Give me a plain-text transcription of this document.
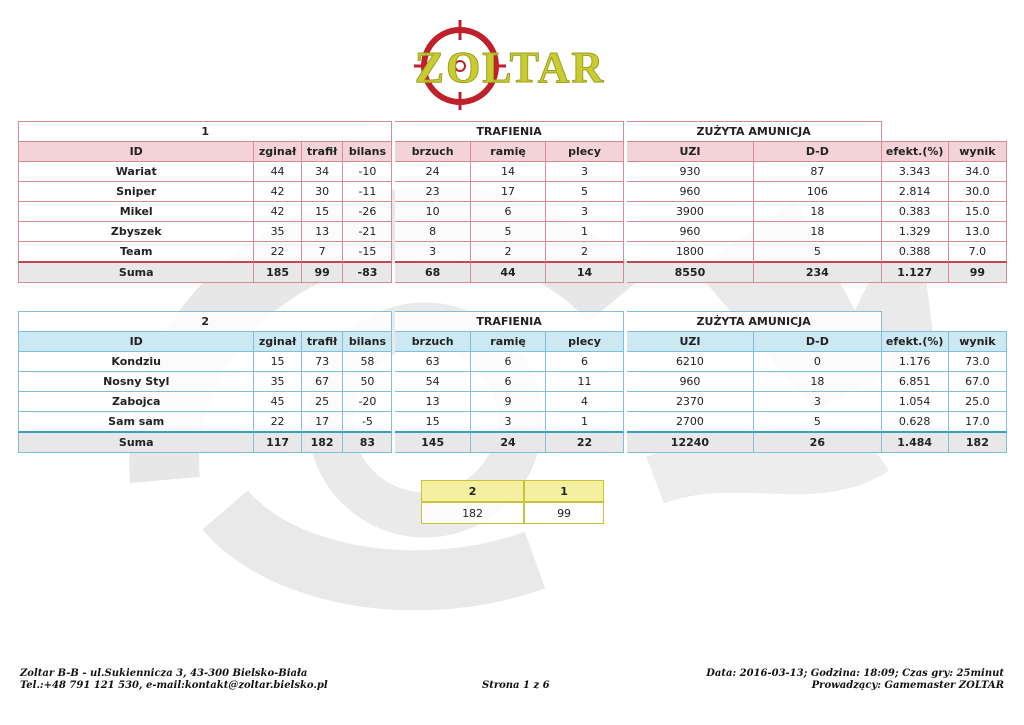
ZOLTAR
1					TRAFIENIA				ZUŻYTA AMUNICJA			
ID	zginał	trafił	bilans		brzuch	ramię	plecy		UZI	D-D	efekt.(%)	wynik
Wariat	44	34	-10		24	14	3		930	87	3.343	34.0
Sniper	42	30	-11		23	17	5		960	106	2.814	30.0
Mikel	42	15	-26		10	6	3		3900	18	0.383	15.0
Zbyszek	35	13	-21		8	5	1		960	18	1.329	13.0
Team	22	7	-15		3	2	2		1800	5	0.388	7.0
Suma	185	99	-83		68	44	14		8550	234	1.127	99
2					TRAFIENIA				ZUŻYTA AMUNICJA			
ID	zginał	trafił	bilans		brzuch	ramię	plecy		UZI	D-D	efekt.(%)	wynik
Kondziu	15	73	58		63	6	6		6210	0	1.176	73.0
Nosny Styl	35	67	50		54	6	11		960	18	6.851	67.0
Zabojca	45	25	-20		13	9	4		2370	3	1.054	25.0
Sam sam	22	17	-5		15	3	1		2700	5	0.628	17.0
Suma	117	182	83		145	24	22		12240	26	1.484	182
2	1
182	99
Zoltar B-B - ul.Sukiennicza 3, 43-300 Bielsko-Biała
Tel.:+48 791 121 530, e-mail:kontakt@zoltar.bielsko.pl	Strona 1 z 6
Data: 2016-03-13; Godzina: 18:09; Czas gry: 25minut
Prowadzący: Gamemaster ZOLTAR
